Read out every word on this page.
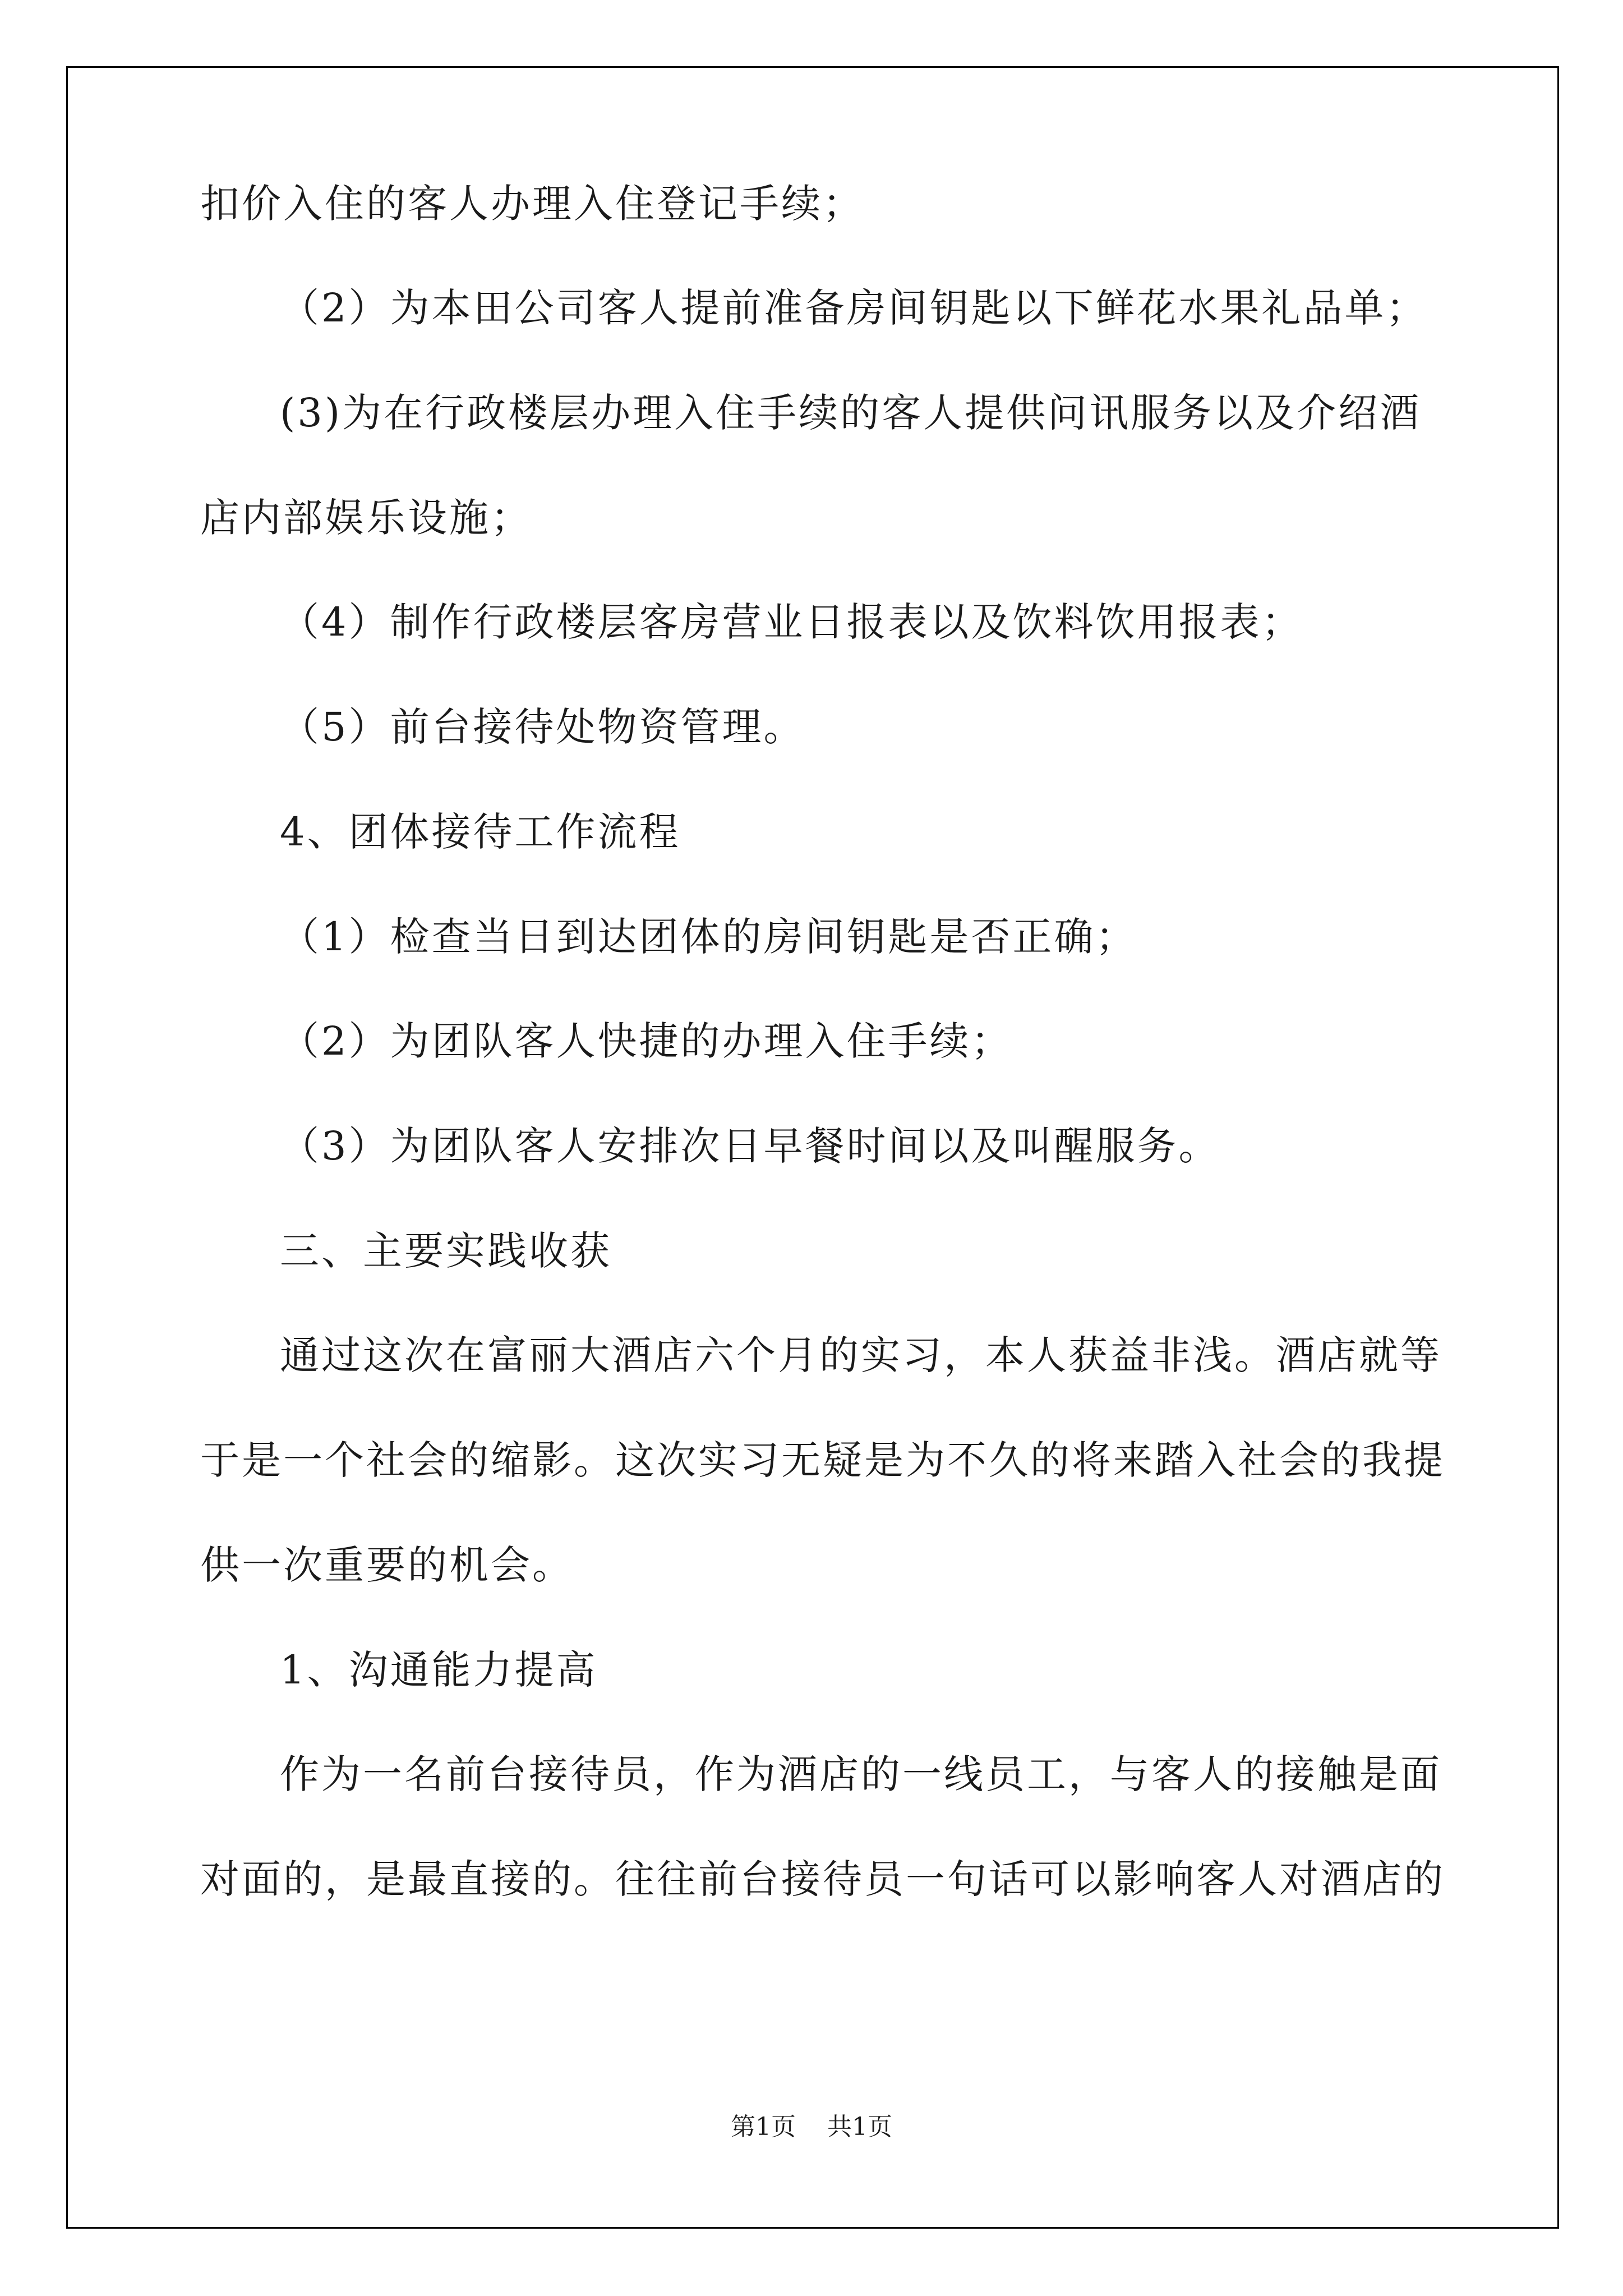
扣价入住的客人办理入住登记手续；
（2）为本田公司客人提前准备房间钥匙以下鲜花水果礼品单；
(3)为在行政楼层办理入住手续的客人提供问讯服务以及介绍酒
店内部娱乐设施；
（4）制作行政楼层客房营业日报表以及饮料饮用报表；
（5）前台接待处物资管理。
4、团体接待工作流程
（1）检查当日到达团体的房间钥匙是否正确；
（2）为团队客人快捷的办理入住手续；
（3）为团队客人安排次日早餐时间以及叫醒服务。
三、主要实践收获
通过这次在富丽大酒店六个月的实习，本人获益非浅。酒店就等
于是一个社会的缩影。这次实习无疑是为不久的将来踏入社会的我提
供一次重要的机会。
1、沟通能力提高
作为一名前台接待员，作为酒店的一线员工，与客人的接触是面
对面的，是最直接的。往往前台接待员一句话可以影响客人对酒店的
第1页 共1页
